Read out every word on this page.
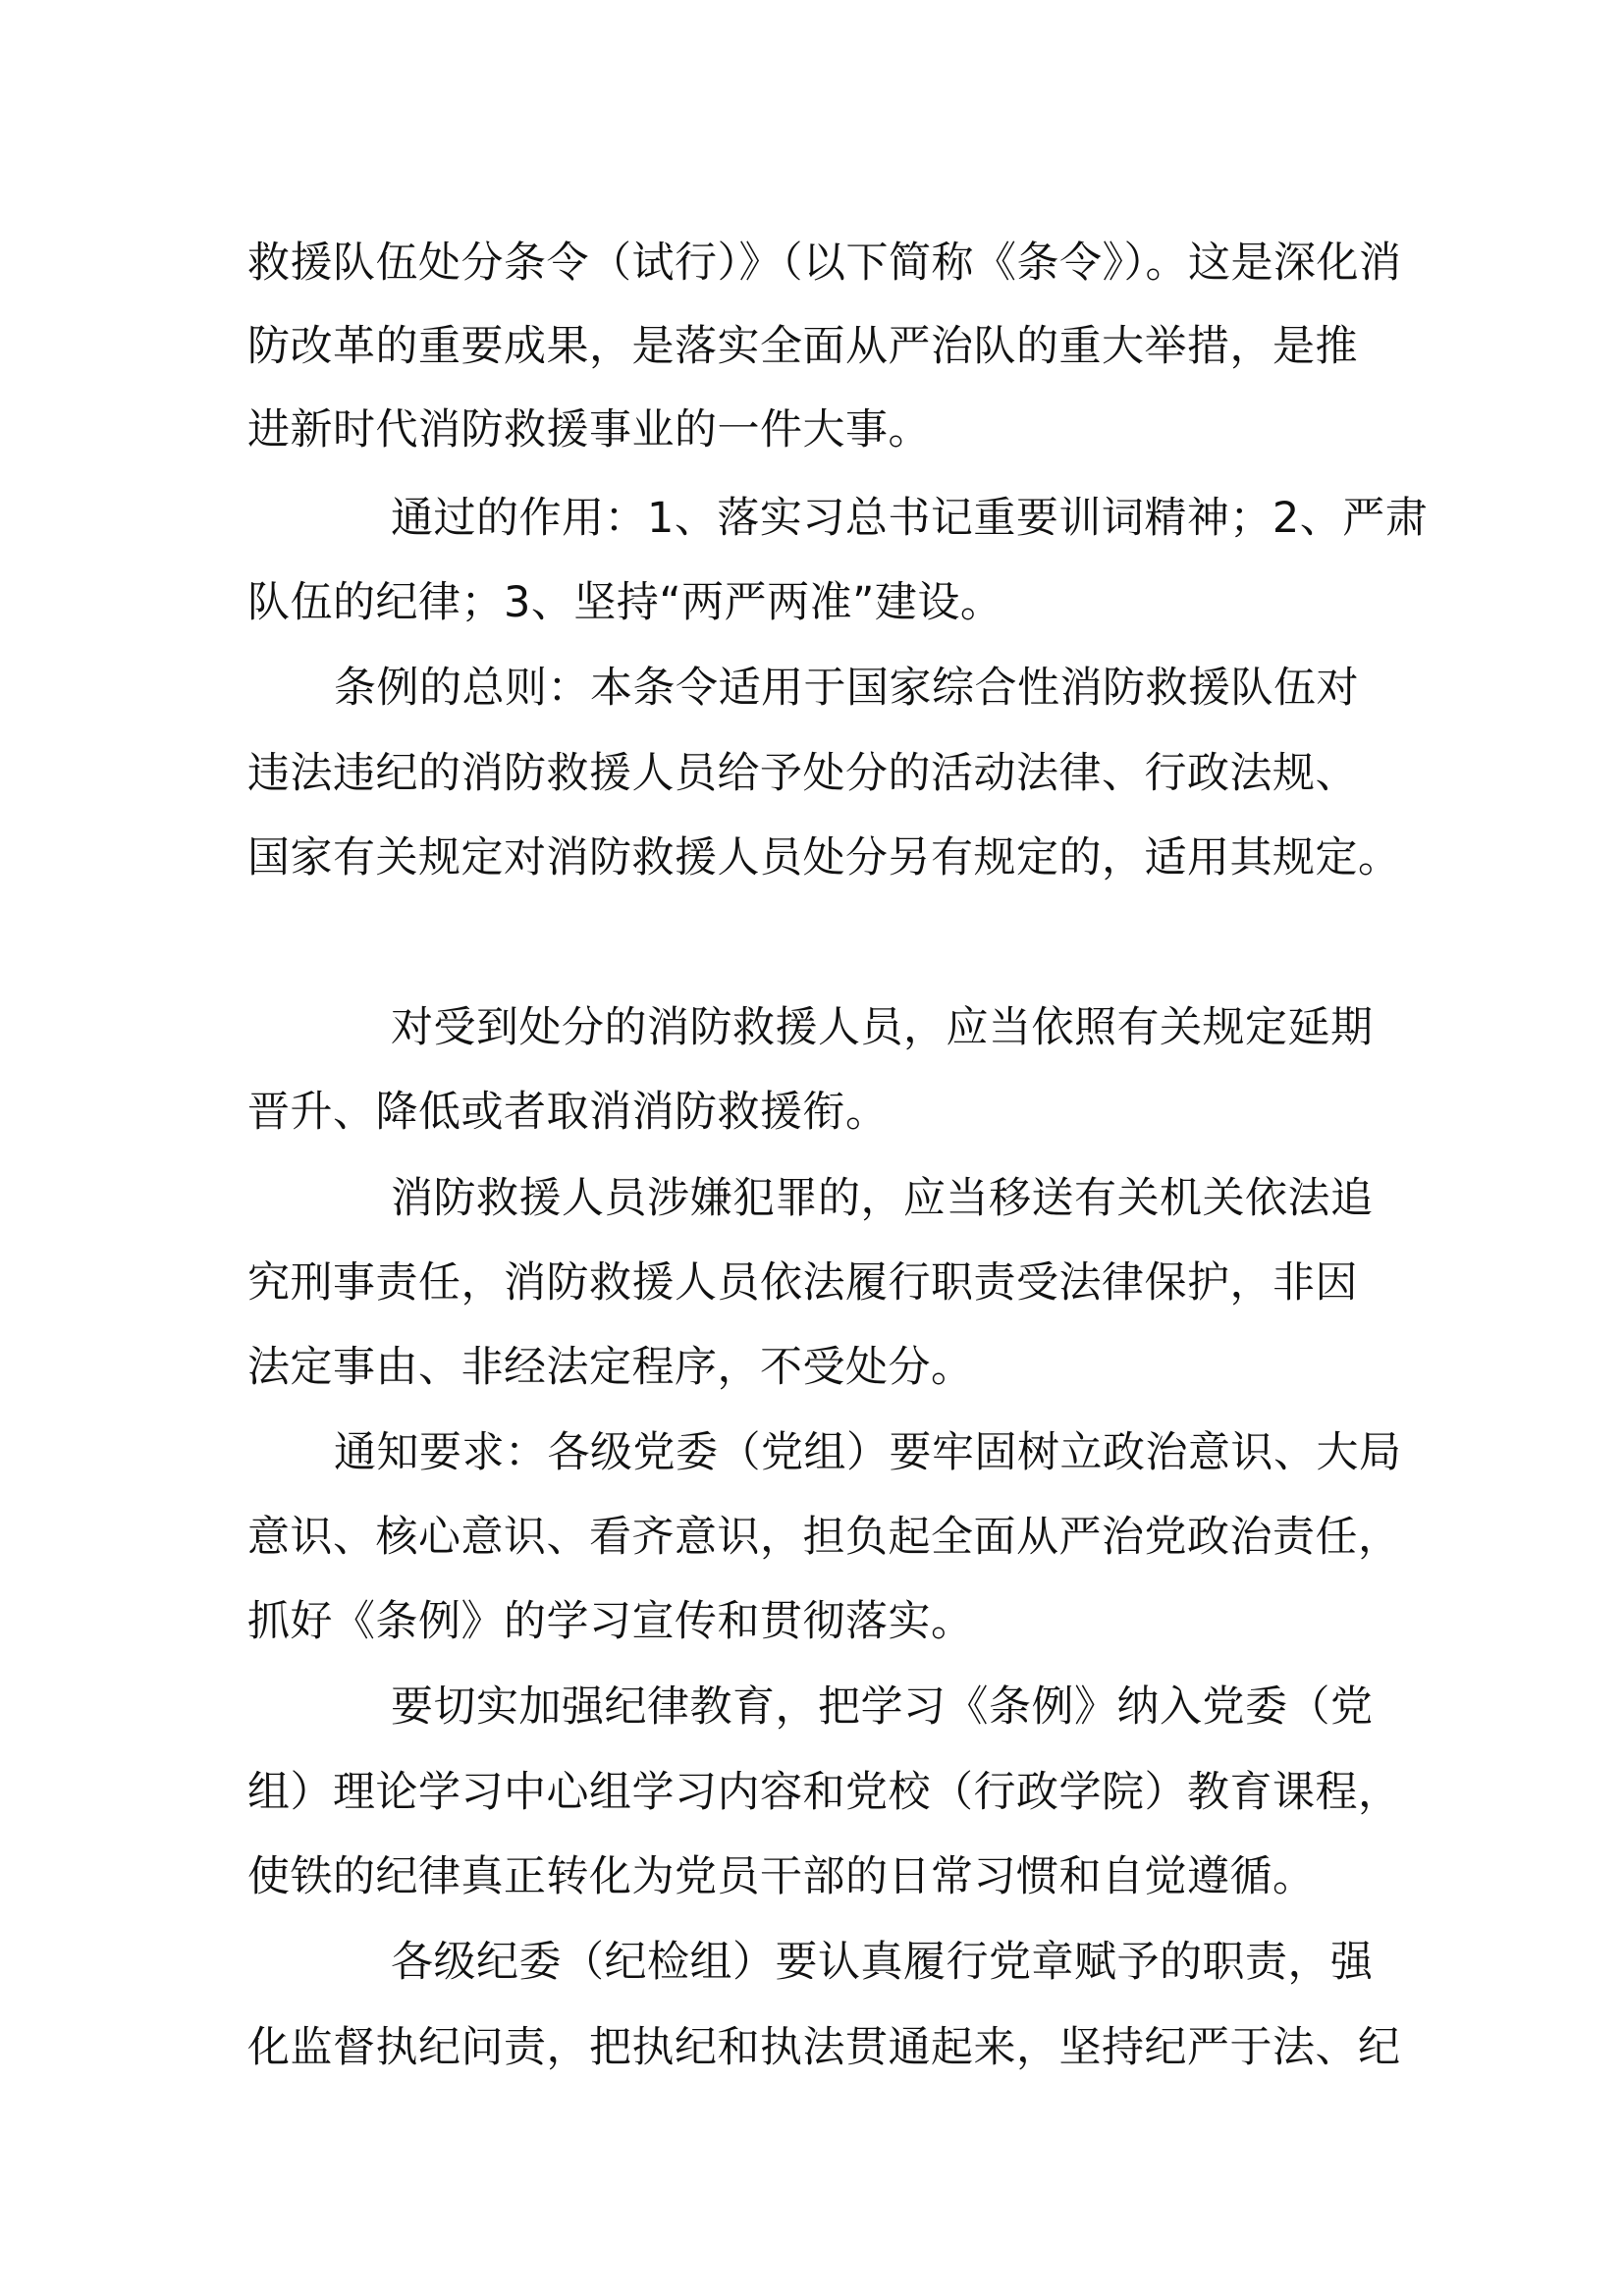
救援队伍处分条令（试行）》（以下简称《条令》）。这是深化消
防改革的重要成果，是落实全面从严治队的重大举措，是推
进新时代消防救援事业的一件大事。
通过的作用：1、落实习总书记重要训词精神；2、严肃
队伍的纪律；3、坚持“两严两准”建设。
条例的总则：本条令适用于国家综合性消防救援队伍对
违法违纪的消防救援人员给予处分的活动法律、行政法规、
国家有关规定对消防救援人员处分另有规定的，适用其规定。
对受到处分的消防救援人员，应当依照有关规定延期
晋升、降低或者取消消防救援衔。
消防救援人员涉嫌犯罪的，应当移送有关机关依法追
究刑事责任，消防救援人员依法履行职责受法律保护，非因
法定事由、非经法定程序，不受处分。
通知要求：各级党委（党组）要牢固树立政治意识、大局
意识、核心意识、看齐意识，担负起全面从严治党政治责任，
抓好《条例》的学习宣传和贯彻落实。
要切实加强纪律教育，把学习《条例》纳入党委（党
组）理论学习中心组学习内容和党校（行政学院）教育课程，
使铁的纪律真正转化为党员干部的日常习惯和自觉遵循。
各级纪委（纪检组）要认真履行党章赋予的职责，强
化监督执纪问责，把执纪和执法贯通起来，坚持纪严于法、纪
